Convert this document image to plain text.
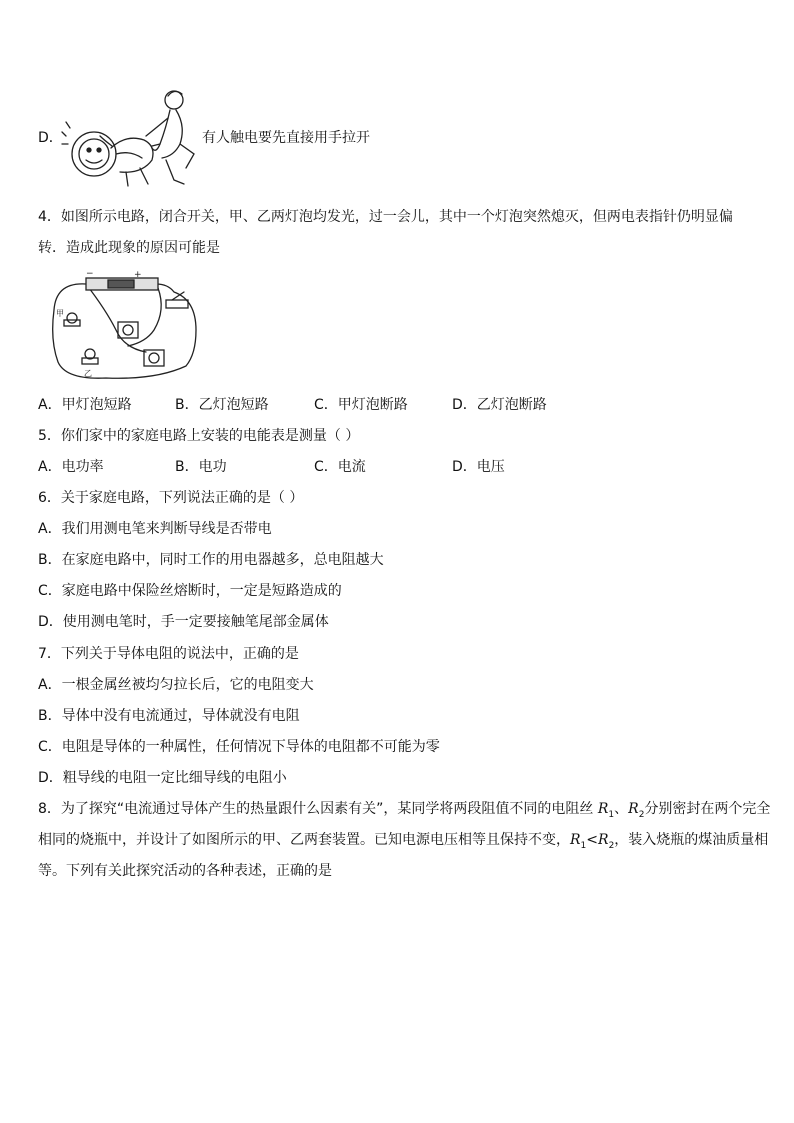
D．	有人触电要先直接用手拉开
4．如图所示电路，闭合开关，甲、乙两灯泡均发光，过一会儿，其中一个灯泡突然熄灭，但两电表指针仍明显偏
转．造成此现象的原因可能是
−	+
甲
乙
A．甲灯泡短路	B．乙灯泡短路	C．甲灯泡断路	D．乙灯泡断路
5．你们家中的家庭电路上安装的电能表是测量（ ）
A．电功率	B．电功	C．电流	D．电压
6．关于家庭电路，下列说法正确的是（ ）
A．我们用测电笔来判断导线是否带电
B．在家庭电路中，同时工作的用电器越多，总电阻越大
C．家庭电路中保险丝熔断时，一定是短路造成的
D．使用测电笔时，手一定要接触笔尾部金属体
7．下列关于导体电阻的说法中，正确的是
A．一根金属丝被均匀拉长后，它的电阻变大
B．导体中没有电流通过，导体就没有电阻
C．电阻是导体的一种属性，任何情况下导体的电阻都不可能为零
D．粗导线的电阻一定比细导线的电阻小
8．为了探究“电流通过导体产生的热量跟什么因素有关”，某同学将两段阻值不同的电阻丝 $R_1$、$R_2$分别密封在两个完全
相同的烧瓶中，并设计了如图所示的甲、乙两套装置。已知电源电压相等且保持不变，$R_1<R_2$，装入烧瓶的煤油质量相
等。下列有关此探究活动的各种表述，正确的是
